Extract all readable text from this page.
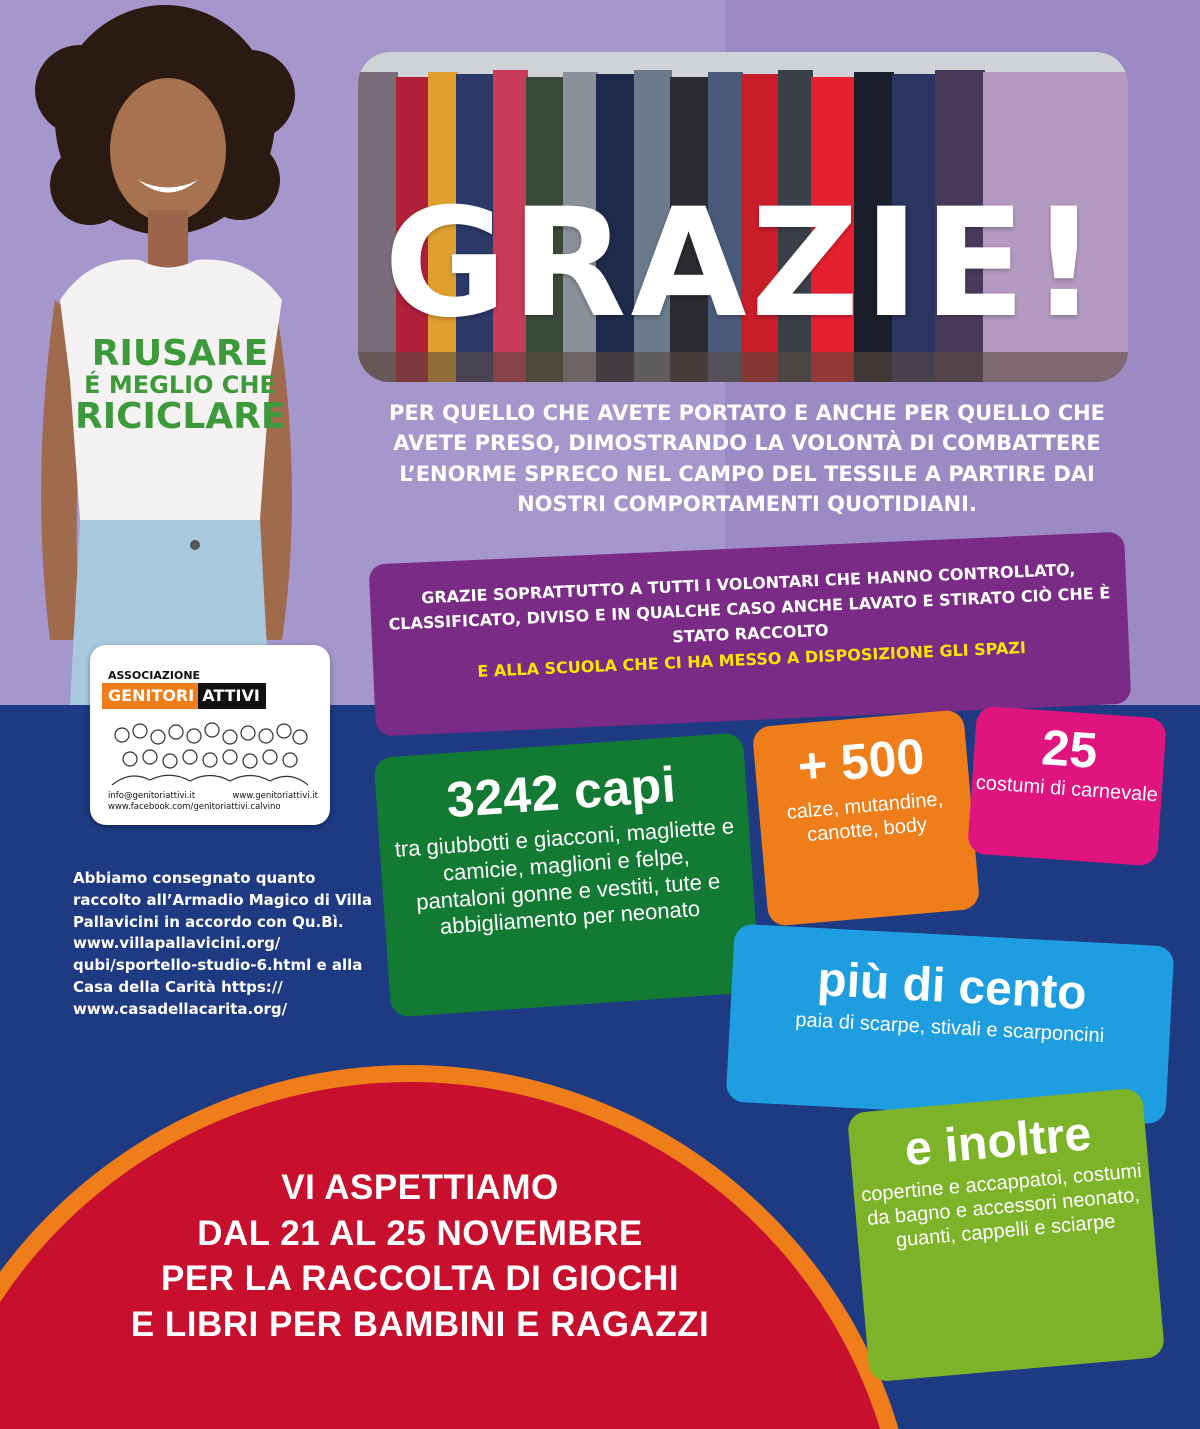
RIUSARE
É MEGLIO CHE
RICICLARE
GRAZIE!
PER QUELLO CHE AVETE PORTATO E ANCHE PER QUELLO CHE AVETE PRESO, DIMOSTRANDO LA VOLONTÀ DI COMBATTERE L’ENORME SPRECO NEL CAMPO DEL TESSILE A PARTIRE DAI NOSTRI COMPORTAMENTI QUOTIDIANI.
GRAZIE SOPRATTUTTO A TUTTI I VOLONTARI CHE HANNO CONTROLLATO, CLASSIFICATO, DIVISO E IN QUALCHE CASO ANCHE LAVATO E STIRATO CIÒ CHE È STATO RACCOLTO
E ALLA SCUOLA CHE CI HA MESSO A DISPOSIZIONE GLI SPAZI
ASSOCIAZIONE
GENITORI ATTIVI
info@genitoriattivi.it	www.genitoriattivi.it
www.facebook.com/genitoriattivi.calvino
Abbiamo consegnato quanto raccolto all’Armadio Magico di Villa Pallavicini in accordo con Qu.Bì. www.villapallavicini.org/ qubi/sportello-studio-6.html e alla Casa della Carità https:// www.casadellacarita.org/
VI ASPETTIAMO
DAL 21 AL 25 NOVEMBRE
PER LA RACCOLTA DI GIOCHI
E LIBRI PER BAMBINI E RAGAZZI
3242 capi
tra giubbotti e giacconi, magliette e camicie, maglioni e felpe, pantaloni gonne e vestiti, tute e abbigliamento per neonato
+ 500
calze, mutandine, canotte, body
25
costumi di carnevale
più di cento
paia di scarpe, stivali e scarponcini
e inoltre
copertine e accappatoi, costumi da bagno e accessori neonato, guanti, cappelli e sciarpe
